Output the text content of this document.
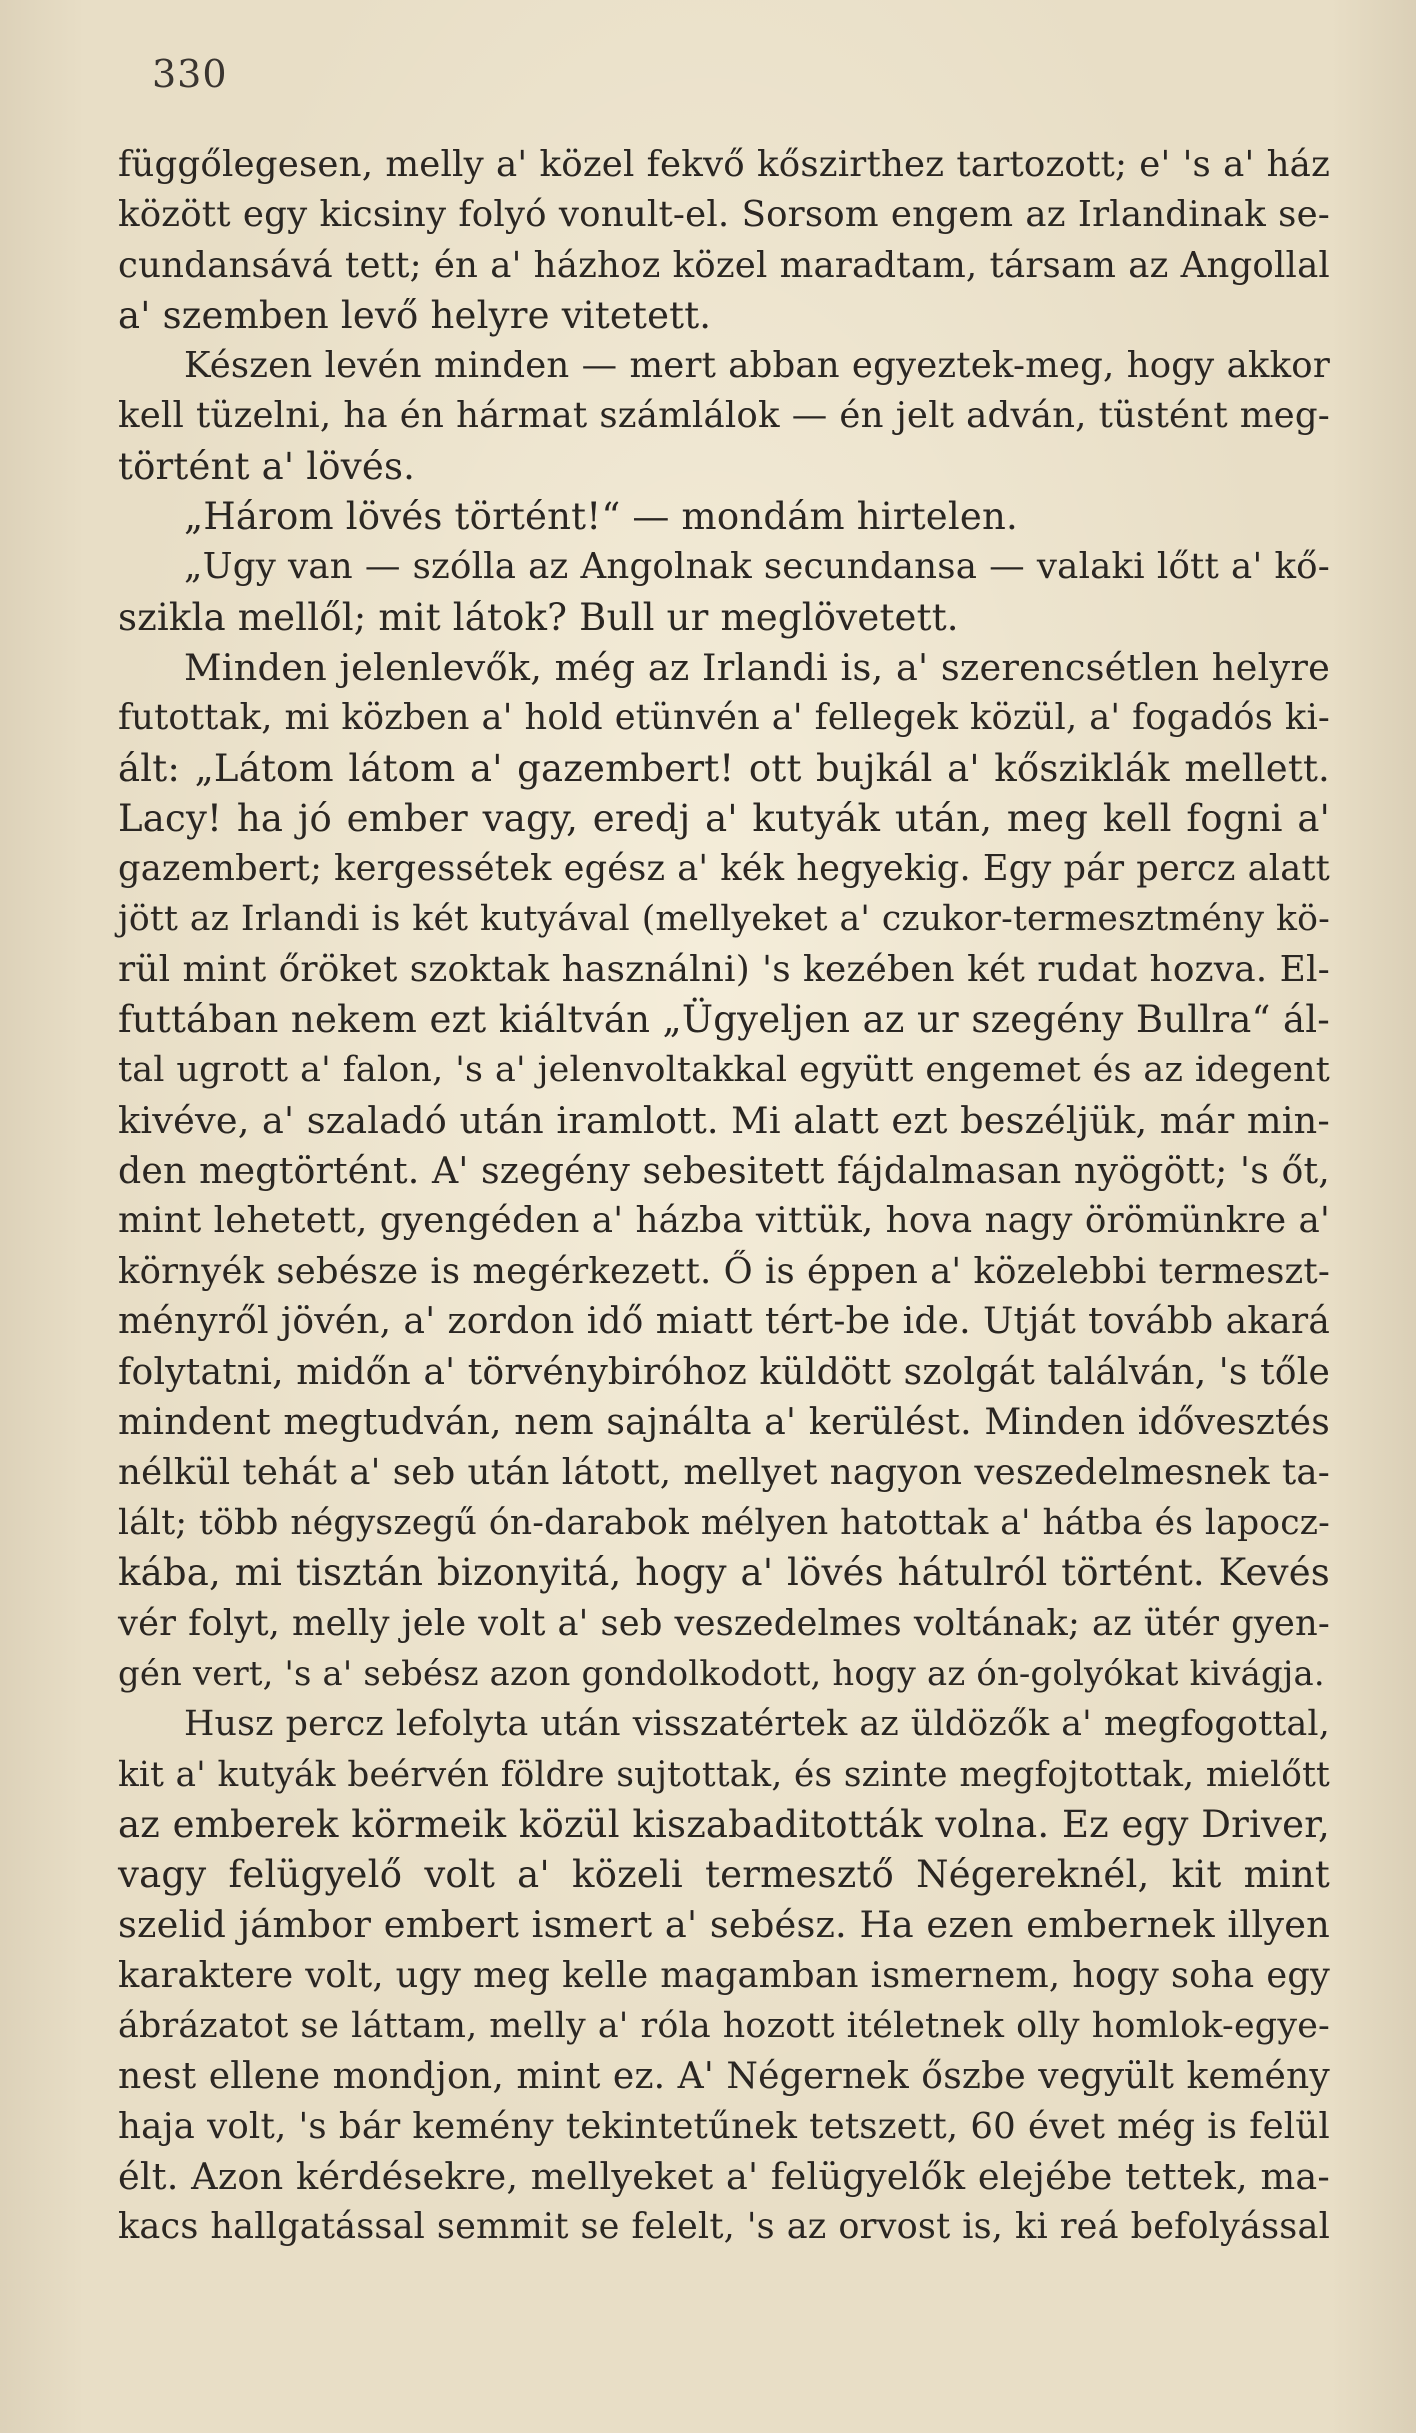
330
függőlegesen, melly a' közel fekvő kőszirthez tartozott; e' 's a' ház
között egy kicsiny folyó vonult-el. Sorsom engem az Irlandinak se-
cundansává tett; én a' házhoz közel maradtam, társam az Angollal
a' szemben levő helyre vitetett.
Készen levén minden — mert abban egyeztek-meg, hogy akkor
kell tüzelni, ha én hármat számlálok — én jelt adván, tüstént meg-
történt a' lövés.
„Három lövés történt!“ — mondám hirtelen.
„Ugy van — szólla az Angolnak secundansa — valaki lőtt a' kő-
szikla mellől; mit látok? Bull ur meglövetett.
Minden jelenlevők, még az Irlandi is, a' szerencsétlen helyre
futottak, mi közben a' hold etünvén a' fellegek közül, a' fogadós ki-
ált: „Látom látom a' gazembert! ott bujkál a' kősziklák mellett.
Lacy! ha jó ember vagy, eredj a' kutyák után, meg kell fogni a'
gazembert; kergessétek egész a' kék hegyekig. Egy pár percz alatt
jött az Irlandi is két kutyával (mellyeket a' czukor-termesztmény kö-
rül mint őröket szoktak használni) 's kezében két rudat hozva. El-
futtában nekem ezt kiáltván „Ügyeljen az ur szegény Bullra“ ál-
tal ugrott a' falon, 's a' jelenvoltakkal együtt engemet és az idegent
kivéve, a' szaladó után iramlott. Mi alatt ezt beszéljük, már min-
den megtörtént. A' szegény sebesitett fájdalmasan nyögött; 's őt,
mint lehetett, gyengéden a' házba vittük, hova nagy örömünkre a'
környék sebésze is megérkezett. Ő is éppen a' közelebbi termeszt-
ményről jövén, a' zordon idő miatt tért-be ide. Utját tovább akará
folytatni, midőn a' törvénybiróhoz küldött szolgát találván, 's tőle
mindent megtudván, nem sajnálta a' kerülést. Minden idővesztés
nélkül tehát a' seb után látott, mellyet nagyon veszedelmesnek ta-
lált; több négyszegű ón-darabok mélyen hatottak a' hátba és lapocz-
kába, mi tisztán bizonyitá, hogy a' lövés hátulról történt. Kevés
vér folyt, melly jele volt a' seb veszedelmes voltának; az ütér gyen-
gén vert, 's a' sebész azon gondolkodott, hogy az ón-golyókat kivágja.
Husz percz lefolyta után visszatértek az üldözők a' megfogottal,
kit a' kutyák beérvén földre sujtottak, és szinte megfojtottak, mielőtt
az emberek körmeik közül kiszabaditották volna. Ez egy Driver,
vagy felügyelő volt a' közeli termesztő Négereknél, kit mint
szelid jámbor embert ismert a' sebész. Ha ezen embernek illyen
karaktere volt, ugy meg kelle magamban ismernem, hogy soha egy
ábrázatot se láttam, melly a' róla hozott itéletnek olly homlok-egye-
nest ellene mondjon, mint ez. A' Négernek őszbe vegyült kemény
haja volt, 's bár kemény tekintetűnek tetszett, 60 évet még is felül
élt. Azon kérdésekre, mellyeket a' felügyelők elejébe tettek, ma-
kacs hallgatással semmit se felelt, 's az orvost is, ki reá befolyással
